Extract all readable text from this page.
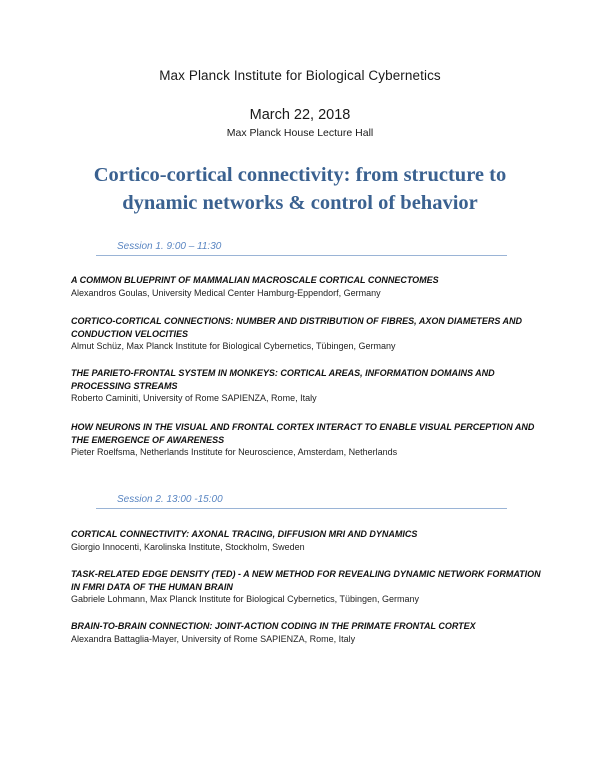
Max Planck Institute for Biological Cybernetics
March 22, 2018
Max Planck House Lecture Hall
Cortico-cortical connectivity: from structure to
dynamic networks & control of behavior
Session 1. 9:00 – 11:30
A COMMON BLUEPRINT OF MAMMALIAN MACROSCALE CORTICAL CONNECTOMES
Alexandros Goulas, University Medical Center Hamburg-Eppendorf, Germany
CORTICO-CORTICAL CONNECTIONS: NUMBER AND DISTRIBUTION OF FIBRES, AXON DIAMETERS AND CONDUCTION VELOCITIES
Almut Schüz, Max Planck Institute for Biological Cybernetics, Tübingen, Germany
THE PARIETO-FRONTAL SYSTEM IN MONKEYS: CORTICAL AREAS, INFORMATION DOMAINS AND PROCESSING STREAMS
Roberto Caminiti, University of Rome SAPIENZA, Rome, Italy
HOW NEURONS IN THE VISUAL AND FRONTAL CORTEX INTERACT TO ENABLE VISUAL PERCEPTION AND THE EMERGENCE OF AWARENESS
Pieter Roelfsma, Netherlands Institute for Neuroscience, Amsterdam, Netherlands
Session 2. 13:00 -15:00
CORTICAL CONNECTIVITY: AXONAL TRACING, DIFFUSION MRI AND DYNAMICS
Giorgio Innocenti, Karolinska Institute, Stockholm, Sweden
TASK-RELATED EDGE DENSITY (TED) - A NEW METHOD FOR REVEALING DYNAMIC NETWORK FORMATION IN FMRI DATA OF THE HUMAN BRAIN
Gabriele Lohmann, Max Planck Institute for Biological Cybernetics, Tübingen, Germany
BRAIN-TO-BRAIN CONNECTION: JOINT-ACTION CODING IN THE PRIMATE FRONTAL CORTEX
Alexandra Battaglia-Mayer, University of Rome SAPIENZA, Rome, Italy
